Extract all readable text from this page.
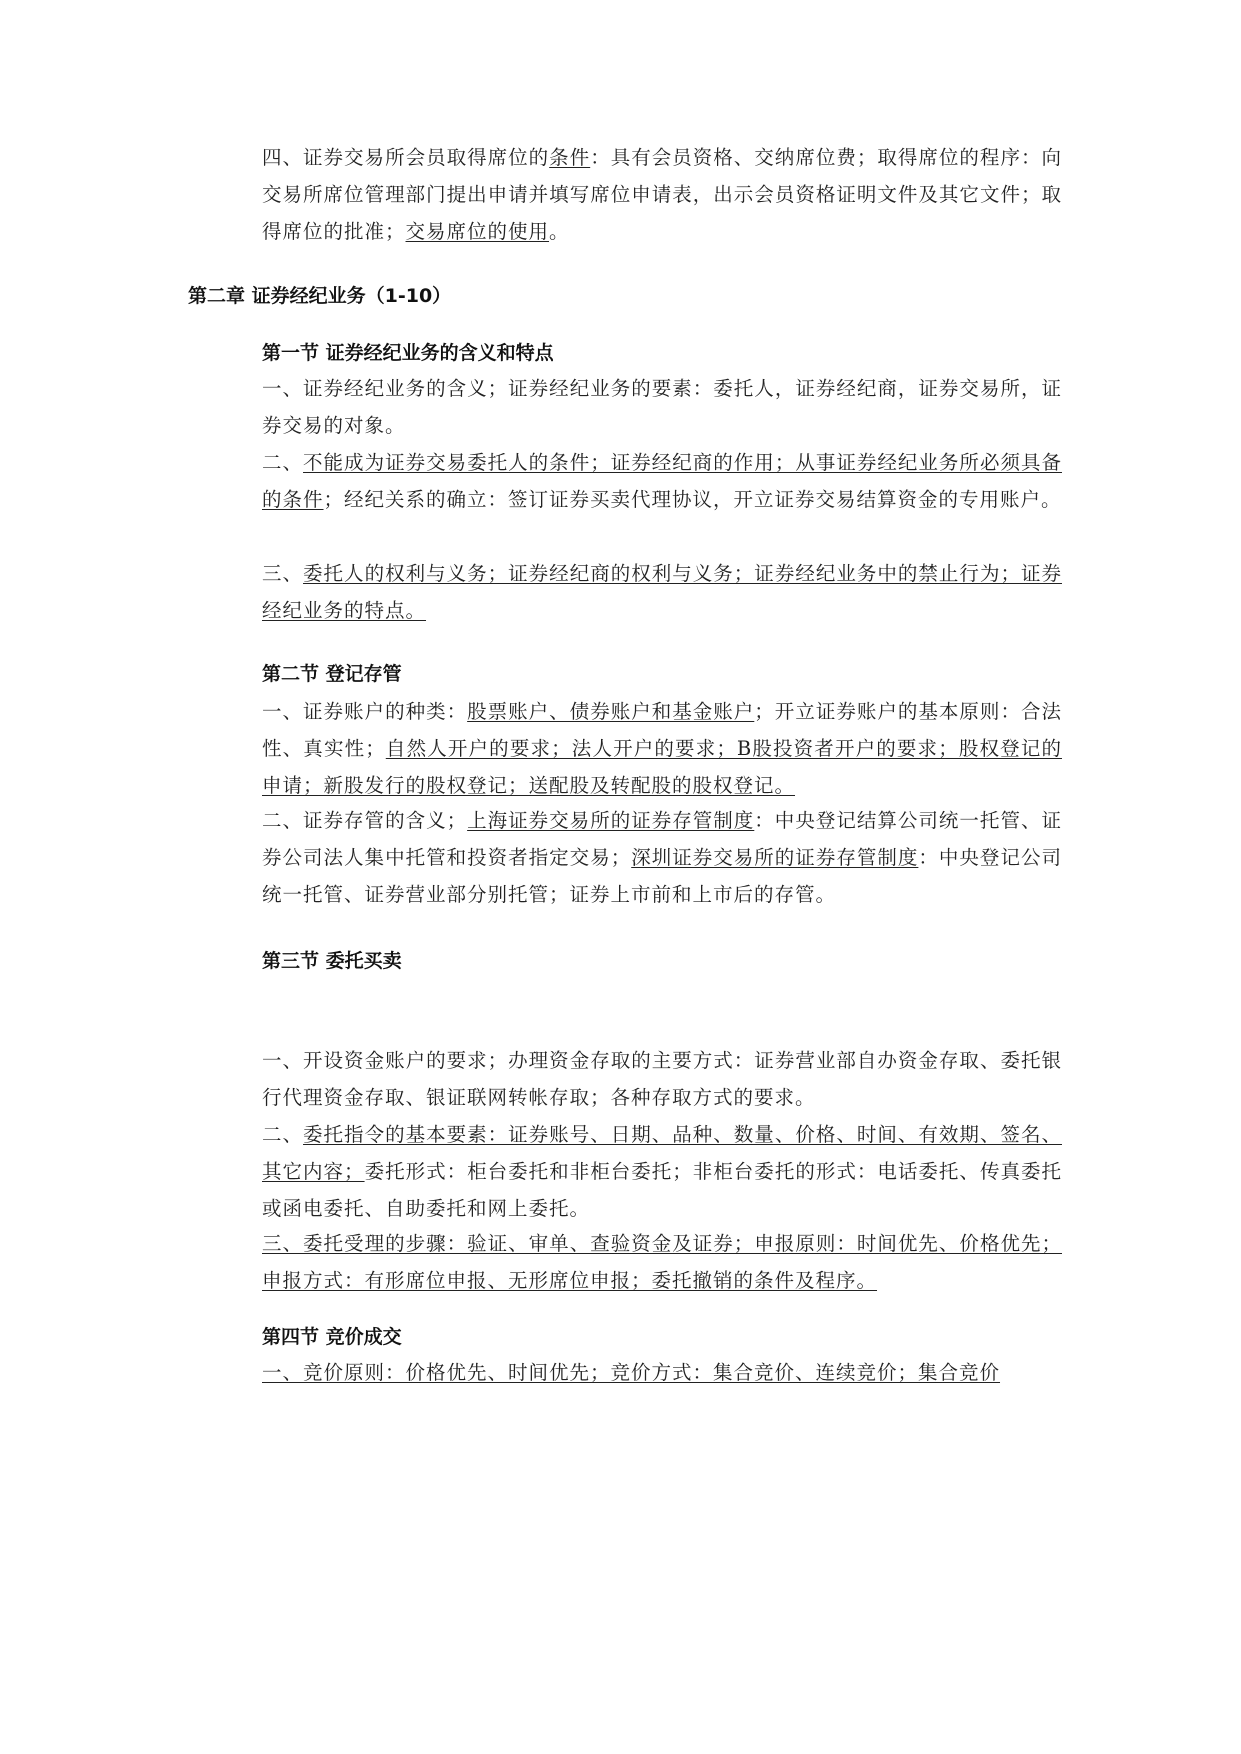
四、证券交易所会员取得席位的条件：具有会员资格、交纳席位费；取得席位的程序：向交易所席位管理部门提出申请并填写席位申请表，出示会员资格证明文件及其它文件；取得席位的批准；交易席位的使用。

第二章 证券经纪业务（1-10）
第一节 证券经纪业务的含义和特点

一、证券经纪业务的含义；证券经纪业务的要素：委托人，证券经纪商，证券交易所，证券交易的对象。

二、不能成为证券交易委托人的条件；证券经纪商的作用；从事证券经纪业务所必须具备的条件；经纪关系的确立：签订证券买卖代理协议，开立证券交易结算资金的专用账户。

三、委托人的权利与义务；证券经纪商的权利与义务；证券经纪业务中的禁止行为；证券经纪业务的特点。

第二节 登记存管

一、证券账户的种类：股票账户、债券账户和基金账户；开立证券账户的基本原则：合法性、真实性；自然人开户的要求；法人开户的要求；B股投资者开户的要求；股权登记的申请；新股发行的股权登记；送配股及转配股的股权登记。

二、证券存管的含义；上海证券交易所的证券存管制度：中央登记结算公司统一托管、证券公司法人集中托管和投资者指定交易；深圳证券交易所的证券存管制度：中央登记公司统一托管、证券营业部分别托管；证券上市前和上市后的存管。

第三节 委托买卖

一、开设资金账户的要求；办理资金存取的主要方式：证券营业部自办资金存取、委托银行代理资金存取、银证联网转帐存取；各种存取方式的要求。

二、委托指令的基本要素：证券账号、日期、品种、数量、价格、时间、有效期、签名、其它内容；委托形式：柜台委托和非柜台委托；非柜台委托的形式：电话委托、传真委托或函电委托、自助委托和网上委托。

三、委托受理的步骤：验证、审单、查验资金及证券；申报原则：时间优先、价格优先；申报方式：有形席位申报、无形席位申报；委托撤销的条件及程序。

第四节 竞价成交

一、竞价原则：价格优先、时间优先；竞价方式：集合竞价、连续竞价；集合竞价
